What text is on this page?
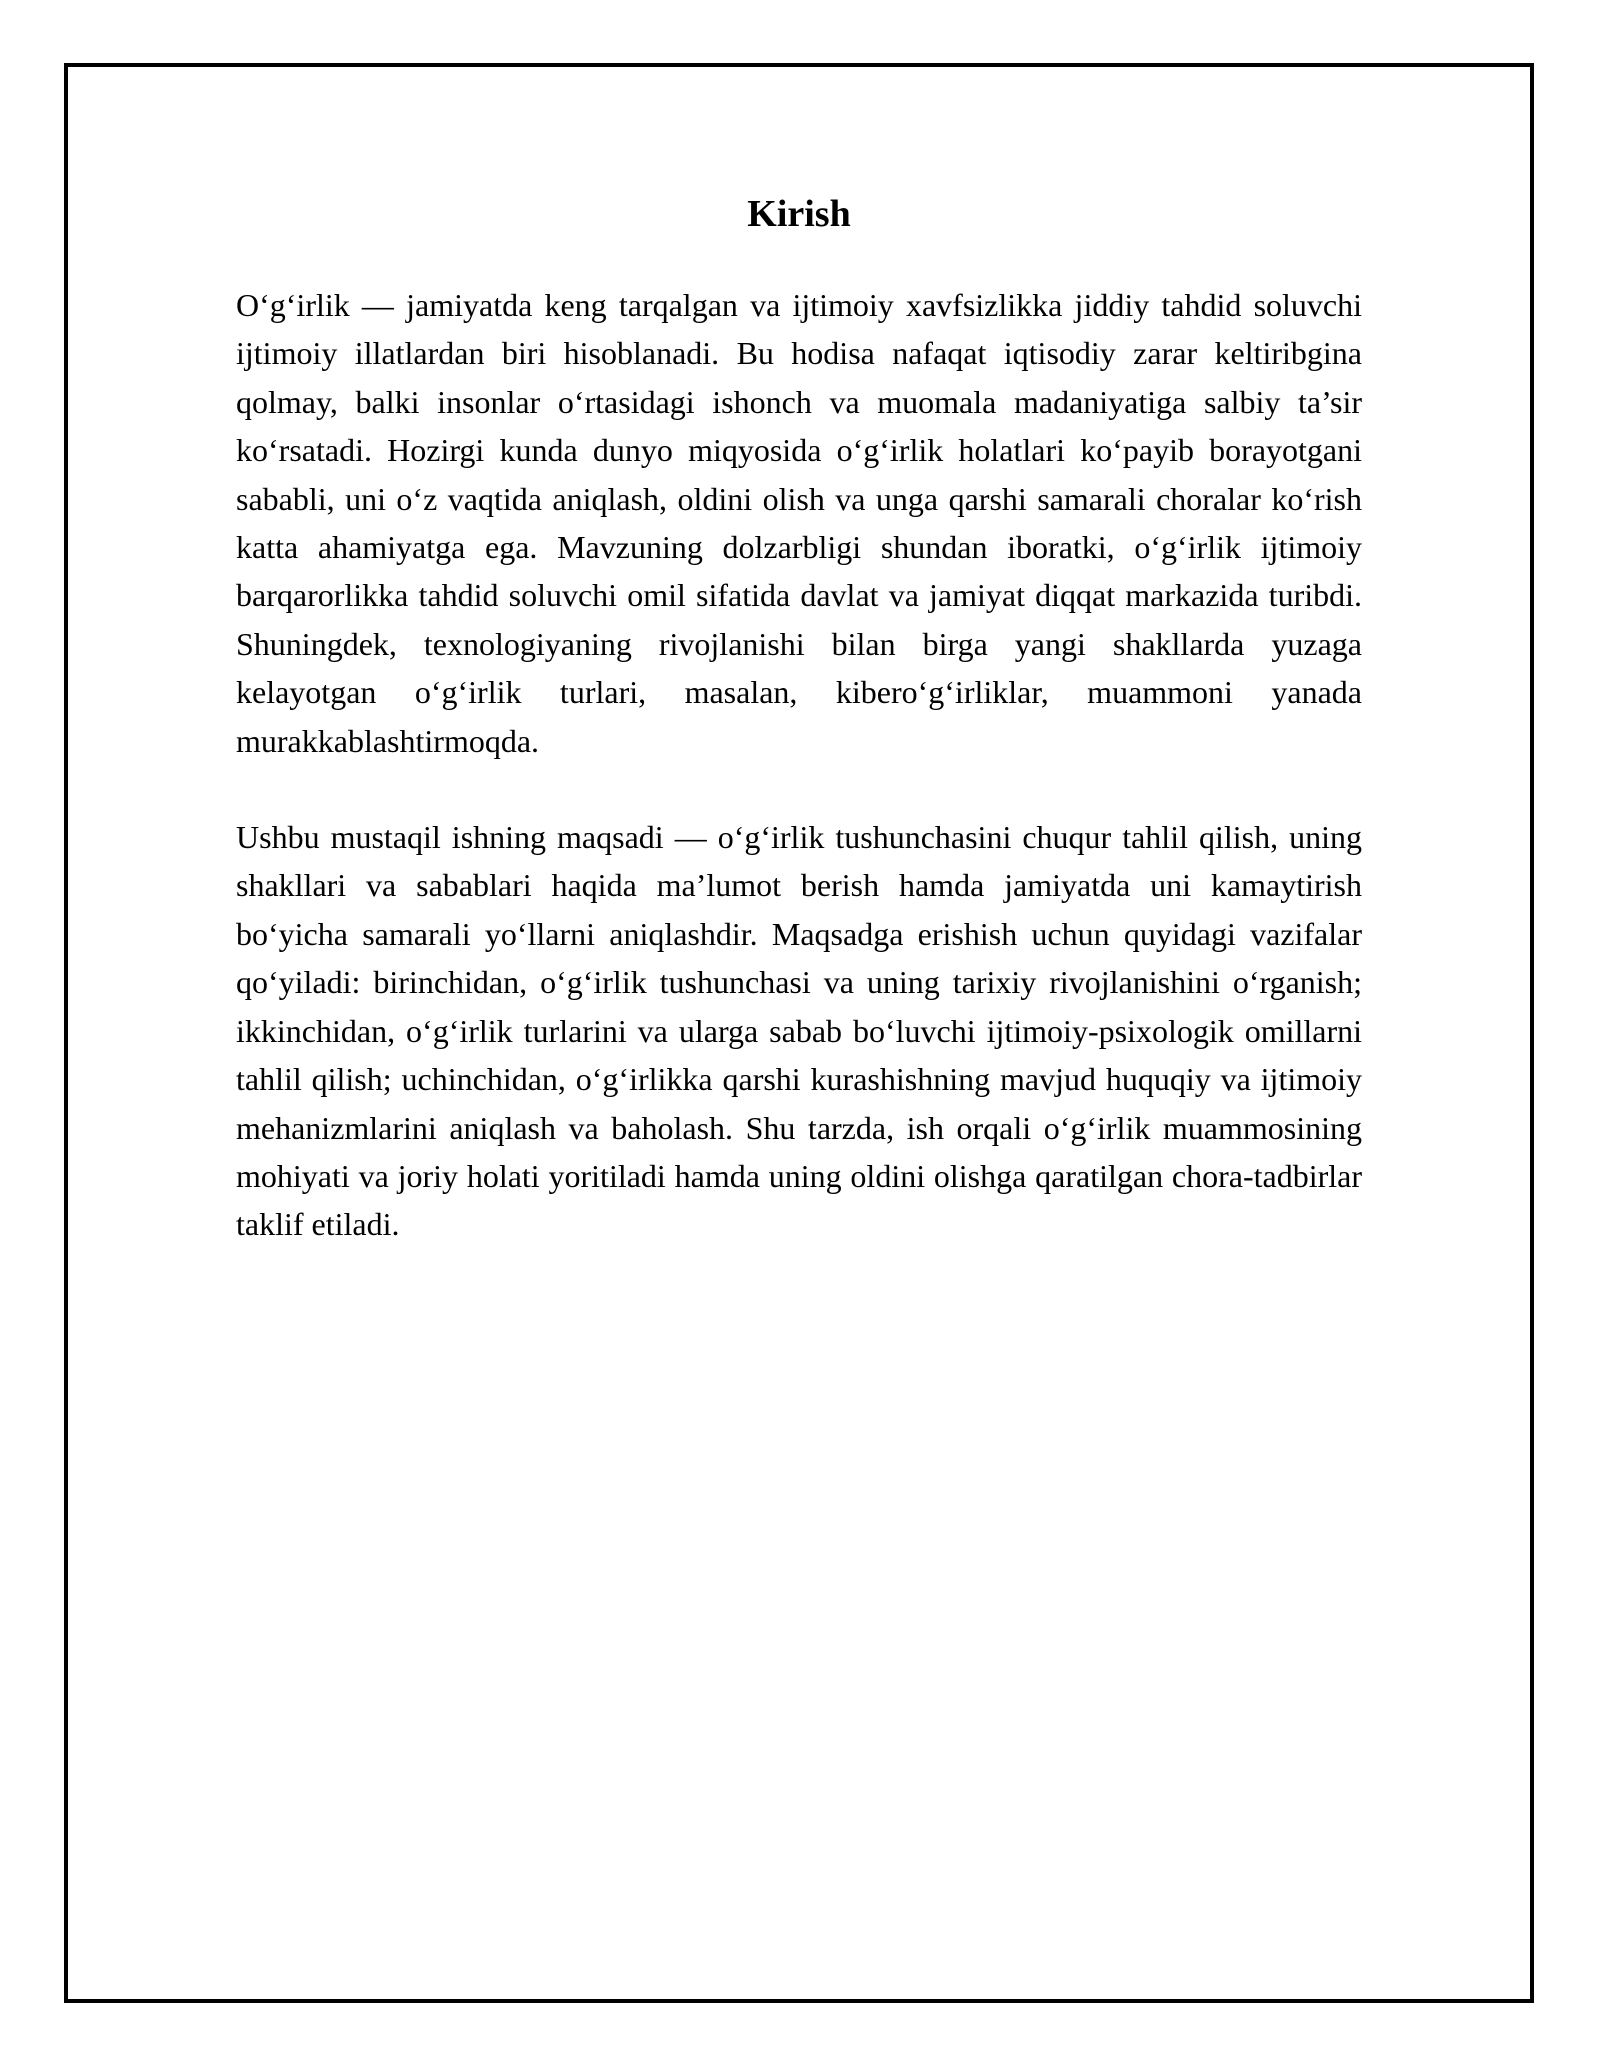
Kirish

O‘g‘irlik — jamiyatda keng tarqalgan va ijtimoiy xavfsizlikka jiddiy tahdid soluvchi ijtimoiy illatlardan biri hisoblanadi. Bu hodisa nafaqat iqtisodiy zarar keltiribgina qolmay, balki insonlar o‘rtasidagi ishonch va muomala madaniyatiga salbiy ta’sir ko‘rsatadi. Hozirgi kunda dunyo miqyosida o‘g‘irlik holatlari ko‘payib borayotgani sababli, uni o‘z vaqtida aniqlash, oldini olish va unga qarshi samarali choralar ko‘rish katta ahamiyatga ega. Mavzuning dolzarbligi shundan iboratki, o‘g‘irlik ijtimoiy barqarorlikka tahdid soluvchi omil sifatida davlat va jamiyat diqqat markazida turibdi. Shuningdek, texnologiyaning rivojlanishi bilan birga yangi shakllarda yuzaga kelayotgan o‘g‘irlik turlari, masalan, kibero‘g‘irliklar, muammoni yanada murakkablashtirmoqda.

Ushbu mustaqil ishning maqsadi — o‘g‘irlik tushunchasini chuqur tahlil qilish, uning shakllari va sabablari haqida ma’lumot berish hamda jamiyatda uni kamaytirish bo‘yicha samarali yo‘llarni aniqlashdir. Maqsadga erishish uchun quyidagi vazifalar qo‘yiladi: birinchidan, o‘g‘irlik tushunchasi va uning tarixiy rivojlanishini o‘rganish; ikkinchidan, o‘g‘irlik turlarini va ularga sabab bo‘luvchi ijtimoiy-psixologik omillarni tahlil qilish; uchinchidan, o‘g‘irlikka qarshi kurashishning mavjud huquqiy va ijtimoiy mehanizmlarini aniqlash va baholash. Shu tarzda, ish orqali o‘g‘irlik muammosining mohiyati va joriy holati yoritiladi hamda uning oldini olishga qaratilgan chora-tadbirlar taklif etiladi.
